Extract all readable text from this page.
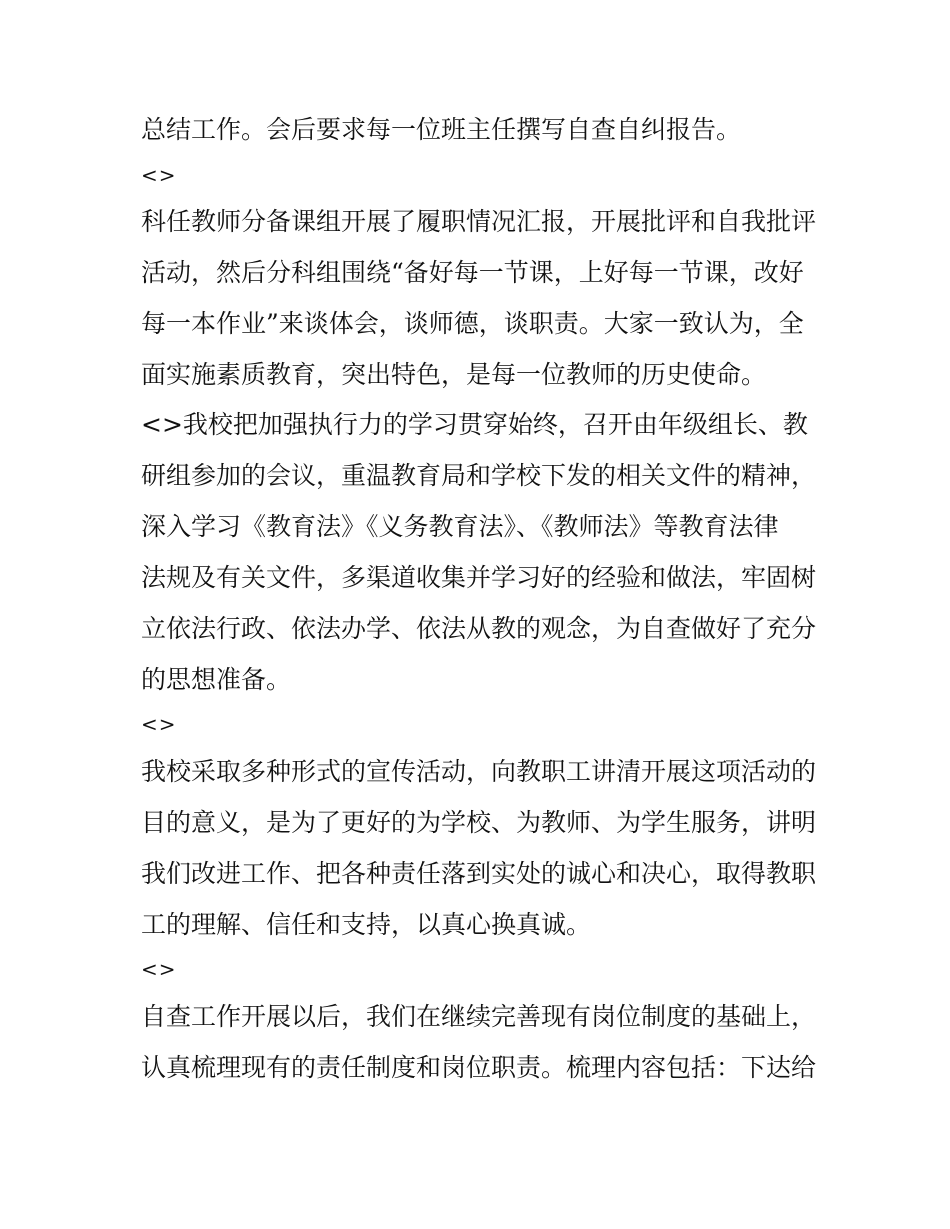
总结工作。会后要求每一位班主任撰写自查自纠报告。
<>
科任教师分备课组开展了履职情况汇报，开展批评和自我批评
活动，然后分科组围绕“备好每一节课，上好每一节课，改好
每一本作业”来谈体会，谈师德，谈职责。大家一致认为，全
面实施素质教育，突出特色，是每一位教师的历史使命。
<>我校把加强执行力的学习贯穿始终，召开由年级组长、教
研组参加的会议，重温教育局和学校下发的相关文件的精神，
深入学习《教育法》《义务教育法》、《教师法》等教育法律
法规及有关文件，多渠道收集并学习好的经验和做法，牢固树
立依法行政、依法办学、依法从教的观念，为自查做好了充分
的思想准备。
<>
我校采取多种形式的宣传活动，向教职工讲清开展这项活动的
目的意义，是为了更好的为学校、为教师、为学生服务，讲明
我们改进工作、把各种责任落到实处的诚心和决心，取得教职
工的理解、信任和支持，以真心换真诚。
<>
自查工作开展以后，我们在继续完善现有岗位制度的基础上，
认真梳理现有的责任制度和岗位职责。梳理内容包括：下达给
